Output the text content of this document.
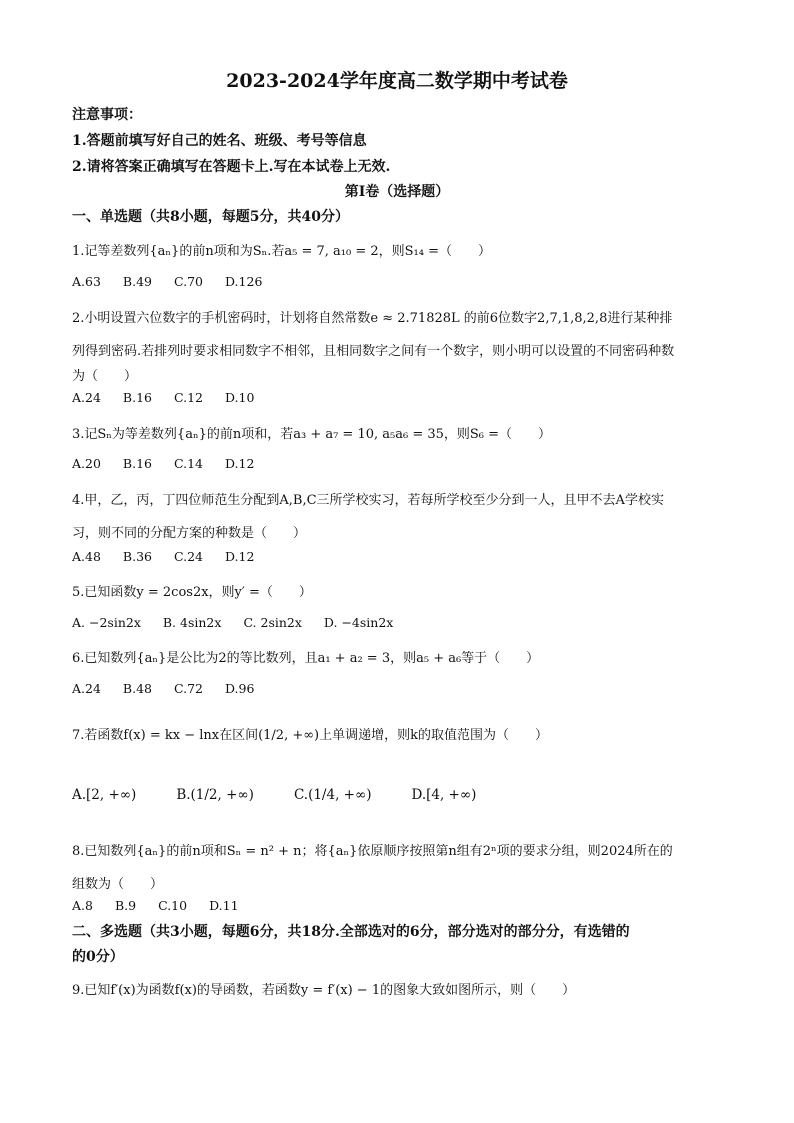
2023-2024学年度高二数学期中考试卷
注意事项：
1.答题前填写好自己的姓名、班级、考号等信息
2.请将答案正确填写在答题卡上.写在本试卷上无效.
第I卷（选择题）
一、单选题（共8小题，每题5分，共40分）
1.记等差数列{aₙ}的前n项和为Sₙ.若a₅ = 7, a₁₀ = 2，则S₁₄ =（　　）
A.63 B.49 C.70 D.126
2.小明设置六位数字的手机密码时，计划将自然常数e ≈ 2.71828L 的前6位数字2,7,1,8,2,8进行某种排
列得到密码.若排列时要求相同数字不相邻，且相同数字之间有一个数字，则小明可以设置的不同密码种数
为（　　）
A.24 B.16 C.12 D.10
3.记Sₙ为等差数列{aₙ}的前n项和，若a₃ + a₇ = 10, a₅a₆ = 35，则S₆ =（　　）
A.20 B.16 C.14 D.12
4.甲，乙，丙，丁四位师范生分配到A,B,C三所学校实习，若每所学校至少分到一人，且甲不去A学校实
习，则不同的分配方案的种数是（　　）
A.48 B.36 C.24 D.12
5.已知函数y = 2cos2x，则y′ =（　　）
A. −2sin2x B. 4sin2x C. 2sin2x D. −4sin2x
6.已知数列{aₙ}是公比为2的等比数列，且a₁ + a₂ = 3，则a₅ + a₆等于（　　）
A.24 B.48 C.72 D.96
7.若函数f(x) = kx − lnx在区间(1/2, +∞)上单调递增，则k的取值范围为（　　）
A.[2, +∞)	B.(1/2, +∞)	C.(1/4, +∞)	D.[4, +∞)
8.已知数列{aₙ}的前n项和Sₙ = n² + n；将{aₙ}依原顺序按照第n组有2ⁿ项的要求分组，则2024所在的
组数为（　　）
A.8 B.9 C.10 D.11
二、多选题（共3小题，每题6分，共18分.全部选对的6分，部分选对的部分分，有选错的
的0分）
9.已知f′(x)为函数f(x)的导函数，若函数y = f′(x) − 1的图象大致如图所示，则（　　）
